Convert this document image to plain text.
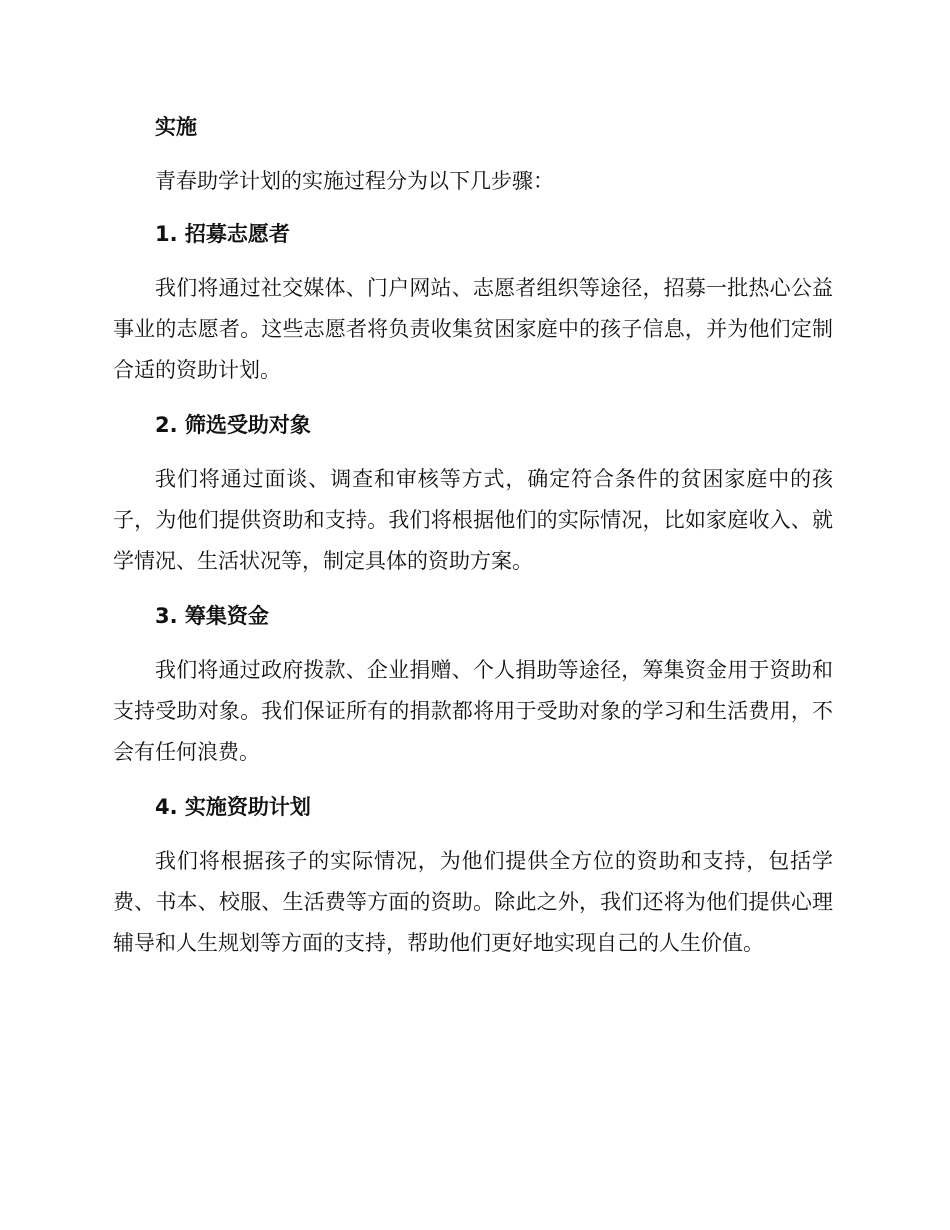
实施

青春助学计划的实施过程分为以下几步骤：

1. 招募志愿者

我们将通过社交媒体、门户网站、志愿者组织等途径，招募一批热心公益事业的志愿者。这些志愿者将负责收集贫困家庭中的孩子信息，并为他们定制合适的资助计划。

2. 筛选受助对象

我们将通过面谈、调查和审核等方式，确定符合条件的贫困家庭中的孩子，为他们提供资助和支持。我们将根据他们的实际情况，比如家庭收入、就学情况、生活状况等，制定具体的资助方案。

3. 筹集资金

我们将通过政府拨款、企业捐赠、个人捐助等途径，筹集资金用于资助和支持受助对象。我们保证所有的捐款都将用于受助对象的学习和生活费用，不会有任何浪费。

4. 实施资助计划

我们将根据孩子的实际情况，为他们提供全方位的资助和支持，包括学费、书本、校服、生活费等方面的资助。除此之外，我们还将为他们提供心理辅导和人生规划等方面的支持，帮助他们更好地实现自己的人生价值。
